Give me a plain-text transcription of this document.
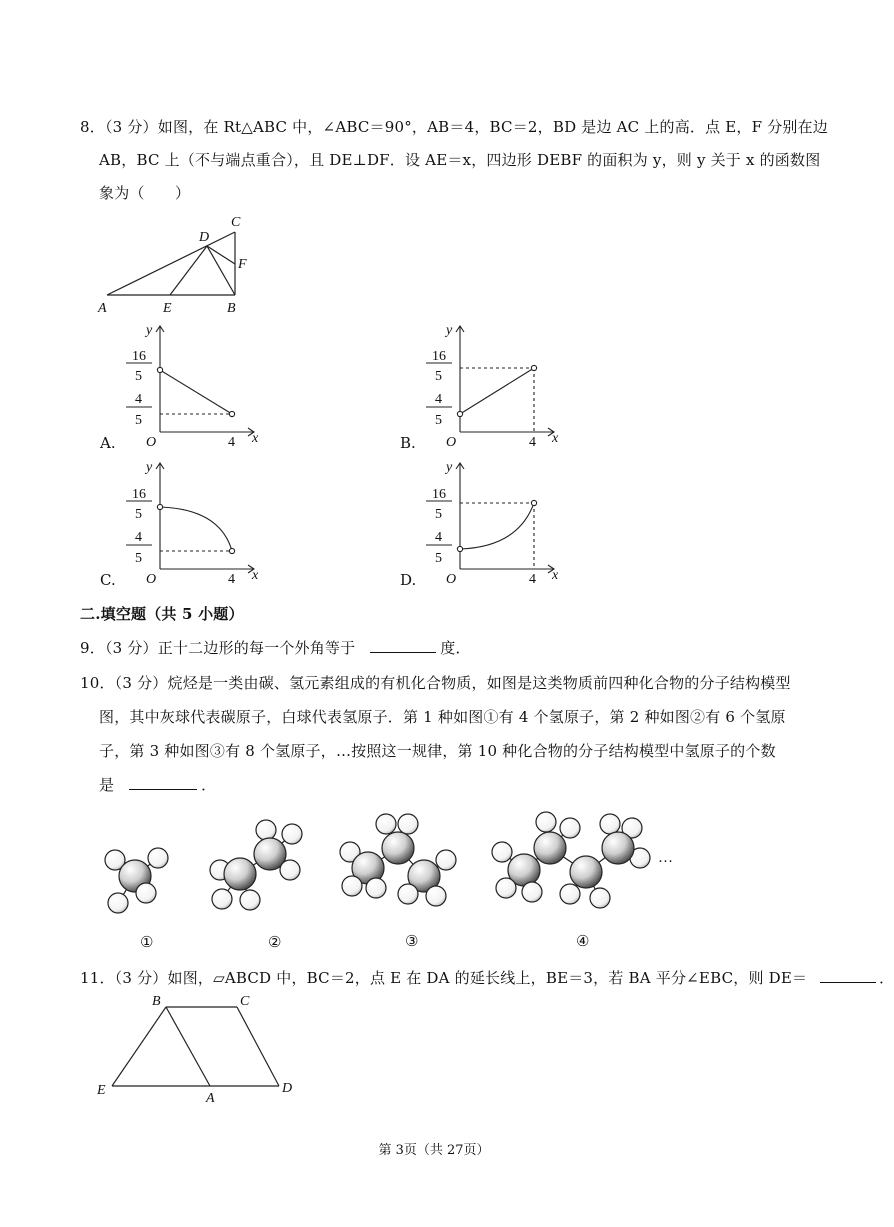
8．（3 分）如图，在 Rt△ABC 中，∠ABC＝90°，AB＝4，BC＝2，BD 是边 AC 上的高．点 E，F 分别在边
AB，BC 上（不与端点重合），且 DE⊥DF．设 AE＝x，四边形 DEBF 的面积为 y，则 y 关于 x 的函数图
象为（　　）
A	E	B
C
D
F
A.
y
16
5
4
5
O	4 x	B.
y
16
5
4
5
O	4 x
C.
y
16
5
4
5
O	4 x	D.
y
16
5
4
5
O	4 x
二.填空题（共 5 小题）
9．（3 分）正十二边形的每一个外角等于	度．
10．（3 分）烷烃是一类由碳、氢元素组成的有机化合物质，如图是这类物质前四种化合物的分子结构模型
图，其中灰球代表碳原子，白球代表氢原子．第 1 种如图①有 4 个氢原子，第 2 种如图②有 6 个氢原
子，第 3 种如图③有 8 个氢原子，…按照这一规律，第 10 种化合物的分子结构模型中氢原子的个数
是	．
…
①	②	③	④
11．（3 分）如图，▱ABCD 中，BC＝2，点 E 在 DA 的延长线上，BE＝3，若 BA 平分∠EBC，则 DE＝	．
B	C
E
A
D
第 3页（共 27页）
